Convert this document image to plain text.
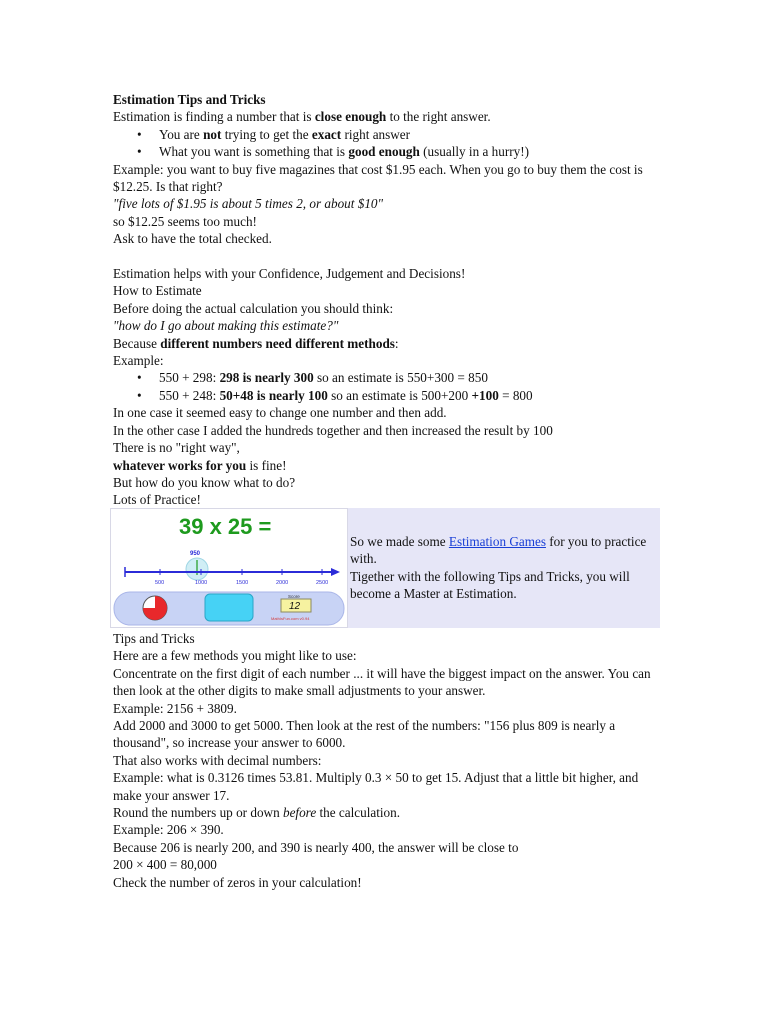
Estimation Tips and Tricks
Estimation is finding a number that is close enough to the right answer.
• You are not trying to get the exact right answer
• What you want is something that is good enough (usually in a hurry!)
Example: you want to buy five magazines that cost $1.95 each. When you go to buy them the cost is $12.25. Is that right?
"five lots of $1.95 is about 5 times 2, or about $10"
so $12.25 seems too much!
Ask to have the total checked.
Estimation helps with your Confidence, Judgement and Decisions!
How to Estimate
Before doing the actual calculation you should think:
"how do I go about making this estimate?"
Because different numbers need different methods:
Example:
• 550 + 298: 298 is nearly 300 so an estimate is 550+300 = 850
• 550 + 248: 50+48 is nearly 100 so an estimate is 500+200 +100 = 800
In one case it seemed easy to change one number and then add.
In the other case I added the hundreds together and then increased the result by 100
There is no "right way",
whatever works for you is fine!
But how do you know what to do?
Lots of Practice!
39 x 25 =
950
500	1000	1500	2000	2500
Score
12
MathIsFun.com v0.94
So we made some Estimation Games for you to practice with.
Tigether with the following Tips and Tricks, you will become a Master at Estimation.
Tips and Tricks
Here are a few methods you might like to use:
Concentrate on the first digit of each number ... it will have the biggest impact on the answer. You can then look at the other digits to make small adjustments to your answer.
Example: 2156 + 3809.
Add 2000 and 3000 to get 5000. Then look at the rest of the numbers: "156 plus 809 is nearly a thousand", so increase your answer to 6000.
That also works with decimal numbers:
Example: what is 0.3126 times 53.81. Multiply 0.3 × 50 to get 15. Adjust that a little bit higher, and make your answer 17.
Round the numbers up or down before the calculation.
Example: 206 × 390.
Because 206 is nearly 200, and 390 is nearly 400, the answer will be close to
200 × 400 = 80,000
Check the number of zeros in your calculation!
